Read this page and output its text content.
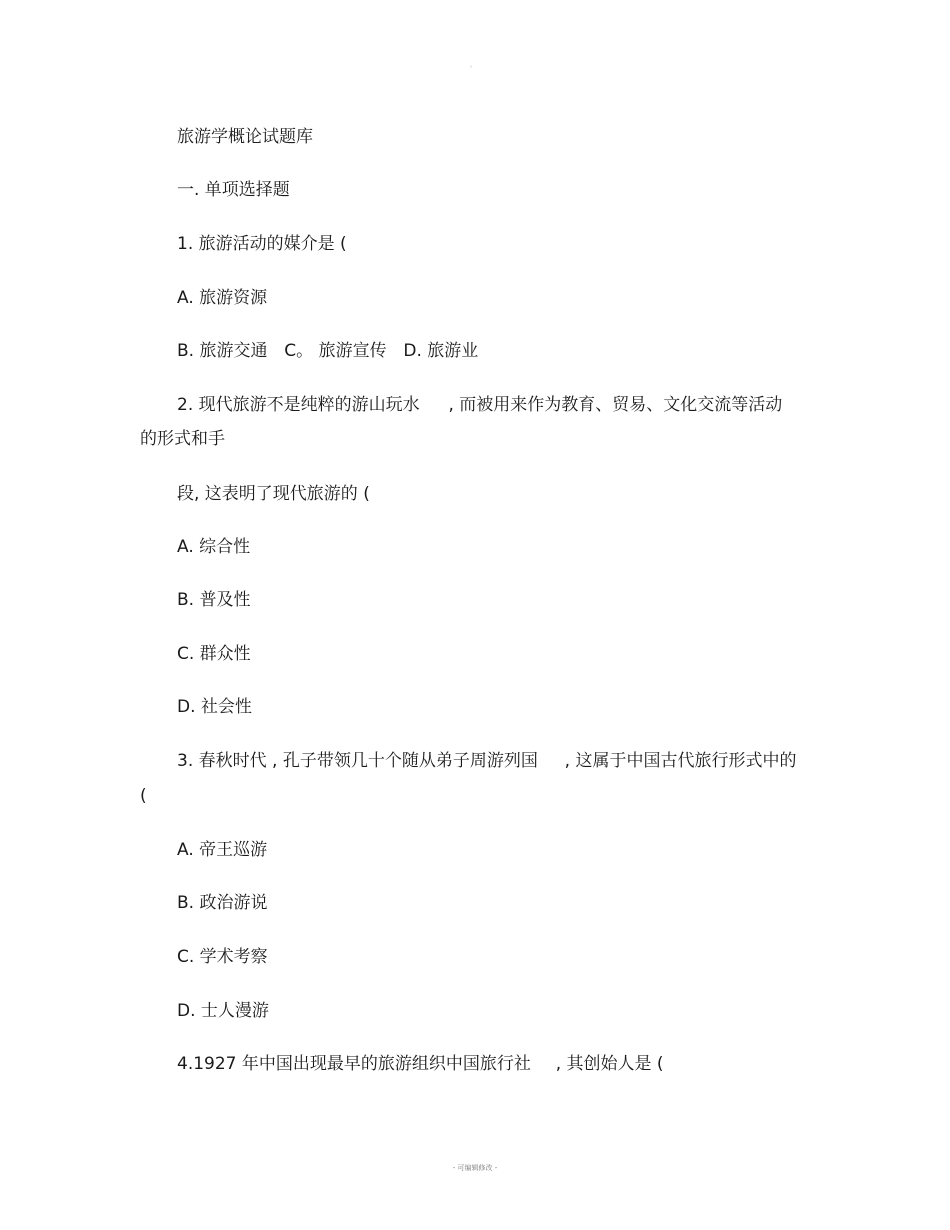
。
旅游学概论试题库
一. 单项选择题
1. 旅游活动的媒介是 (
A. 旅游资源
B. 旅游交通 C。 旅游宣传 D. 旅游业
2. 现代旅游不是纯粹的游山玩水 , 而被用来作为教育、贸易、文化交流等活动
的形式和手
段, 这表明了现代旅游的 (
A. 综合性
B. 普及性
C. 群众性
D. 社会性
3. 春秋时代 , 孔子带领几十个随从弟子周游列国 , 这属于中国古代旅行形式中的
(
A. 帝王巡游
B. 政治游说
C. 学术考察
D. 士人漫游
4.1927 年中国出现最早的旅游组织中国旅行社 , 其创始人是 (
- 可编辑修改 -
